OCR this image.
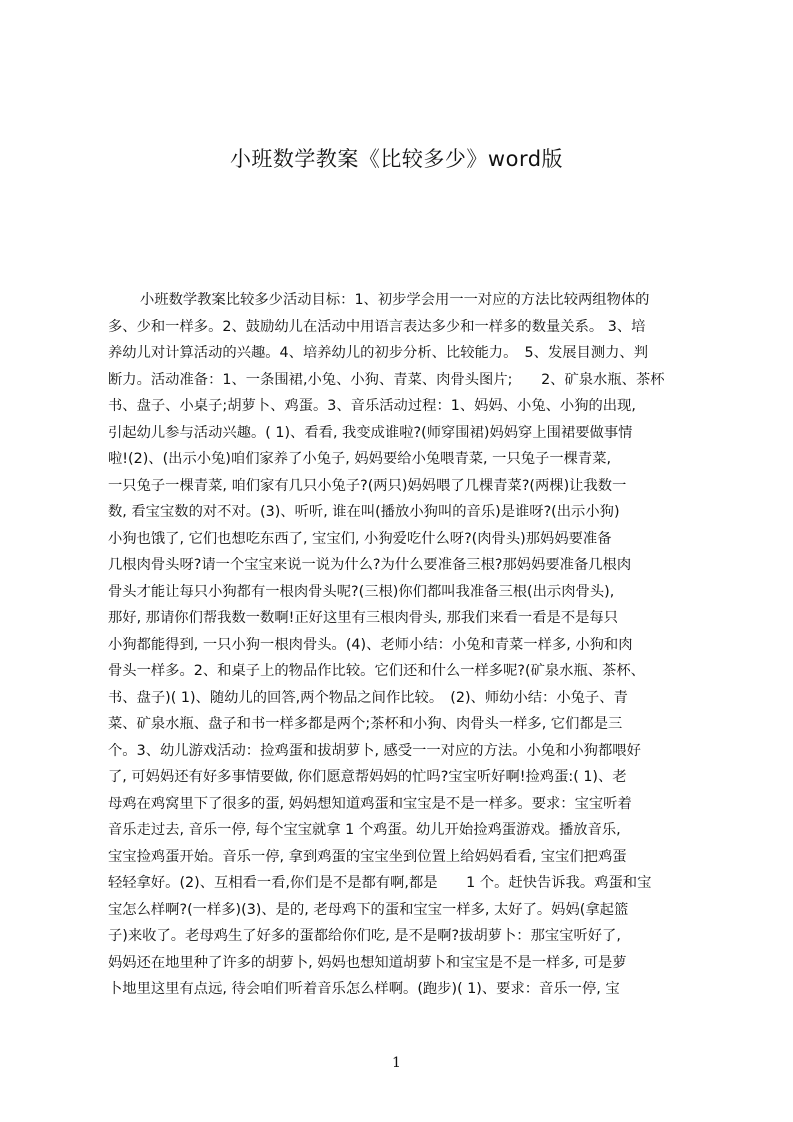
小班数学教案《比较多少》word版
小班数学教案比较多少活动目标：1、初步学会用一一对应的方法比较两组物体的
多、少和一样多。2、鼓励幼儿在活动中用语言表达多少和一样多的数量关系。 3、培
养幼儿对计算活动的兴趣。4、培养幼儿的初步分析、比较能力。　5、发展目测力、判
断力。活动准备：1、一条围裙,小兔、小狗、青菜、肉骨头图片;　　2、矿泉水瓶、茶杯
书、盘子、小桌子;胡萝卜、鸡蛋。3、音乐活动过程：1、妈妈、小兔、小狗的出现,
引起幼儿参与活动兴趣。( 1)、看看, 我变成谁啦?(师穿围裙)妈妈穿上围裙要做事情
啦!(2)、(出示小兔)咱们家养了小兔子, 妈妈要给小兔喂青菜, 一只兔子一棵青菜,
一只兔子一棵青菜, 咱们家有几只小兔子?(两只)妈妈喂了几棵青菜?(两棵)让我数一
数, 看宝宝数的对不对。(3)、听听, 谁在叫(播放小狗叫的音乐)是谁呀?(出示小狗)
小狗也饿了, 它们也想吃东西了, 宝宝们, 小狗爱吃什么呀?(肉骨头)那妈妈要准备
几根肉骨头呀?请一个宝宝来说一说为什么?为什么要准备三根?那妈妈要准备几根肉
骨头才能让每只小狗都有一根肉骨头呢?(三根)你们都叫我准备三根(出示肉骨头),
那好, 那请你们帮我数一数啊!正好这里有三根肉骨头, 那我们来看一看是不是每只
小狗都能得到, 一只小狗一根肉骨头。(4)、老师小结：小兔和青菜一样多, 小狗和肉
骨头一样多。2、和桌子上的物品作比较。它们还和什么一样多呢?(矿泉水瓶、茶杯、
书、盘子)( 1)、随幼儿的回答,两个物品之间作比较。　(2)、师幼小结：小兔子、青
菜、矿泉水瓶、盘子和书一样多都是两个;茶杯和小狗、肉骨头一样多, 它们都是三
个。3、幼儿游戏活动：捡鸡蛋和拔胡萝卜, 感受一一对应的方法。小兔和小狗都喂好
了, 可妈妈还有好多事情要做, 你们愿意帮妈妈的忙吗?宝宝听好啊!捡鸡蛋:( 1)、老
母鸡在鸡窝里下了很多的蛋, 妈妈想知道鸡蛋和宝宝是不是一样多。要求：宝宝听着
音乐走过去, 音乐一停, 每个宝宝就拿 1 个鸡蛋。幼儿开始捡鸡蛋游戏。播放音乐,
宝宝捡鸡蛋开始。音乐一停, 拿到鸡蛋的宝宝坐到位置上给妈妈看看, 宝宝们把鸡蛋
轻轻拿好。(2)、互相看一看,你们是不是都有啊,都是　　1 个。赶快告诉我。鸡蛋和宝
宝怎么样啊?(一样多)(3)、是的, 老母鸡下的蛋和宝宝一样多, 太好了。妈妈(拿起篮
子)来收了。老母鸡生了好多的蛋都给你们吃, 是不是啊?拔胡萝卜：那宝宝听好了,
妈妈还在地里种了许多的胡萝卜, 妈妈也想知道胡萝卜和宝宝是不是一样多, 可是萝
卜地里这里有点远, 待会咱们听着音乐怎么样啊。(跑步)( 1)、要求：音乐一停, 宝
1
